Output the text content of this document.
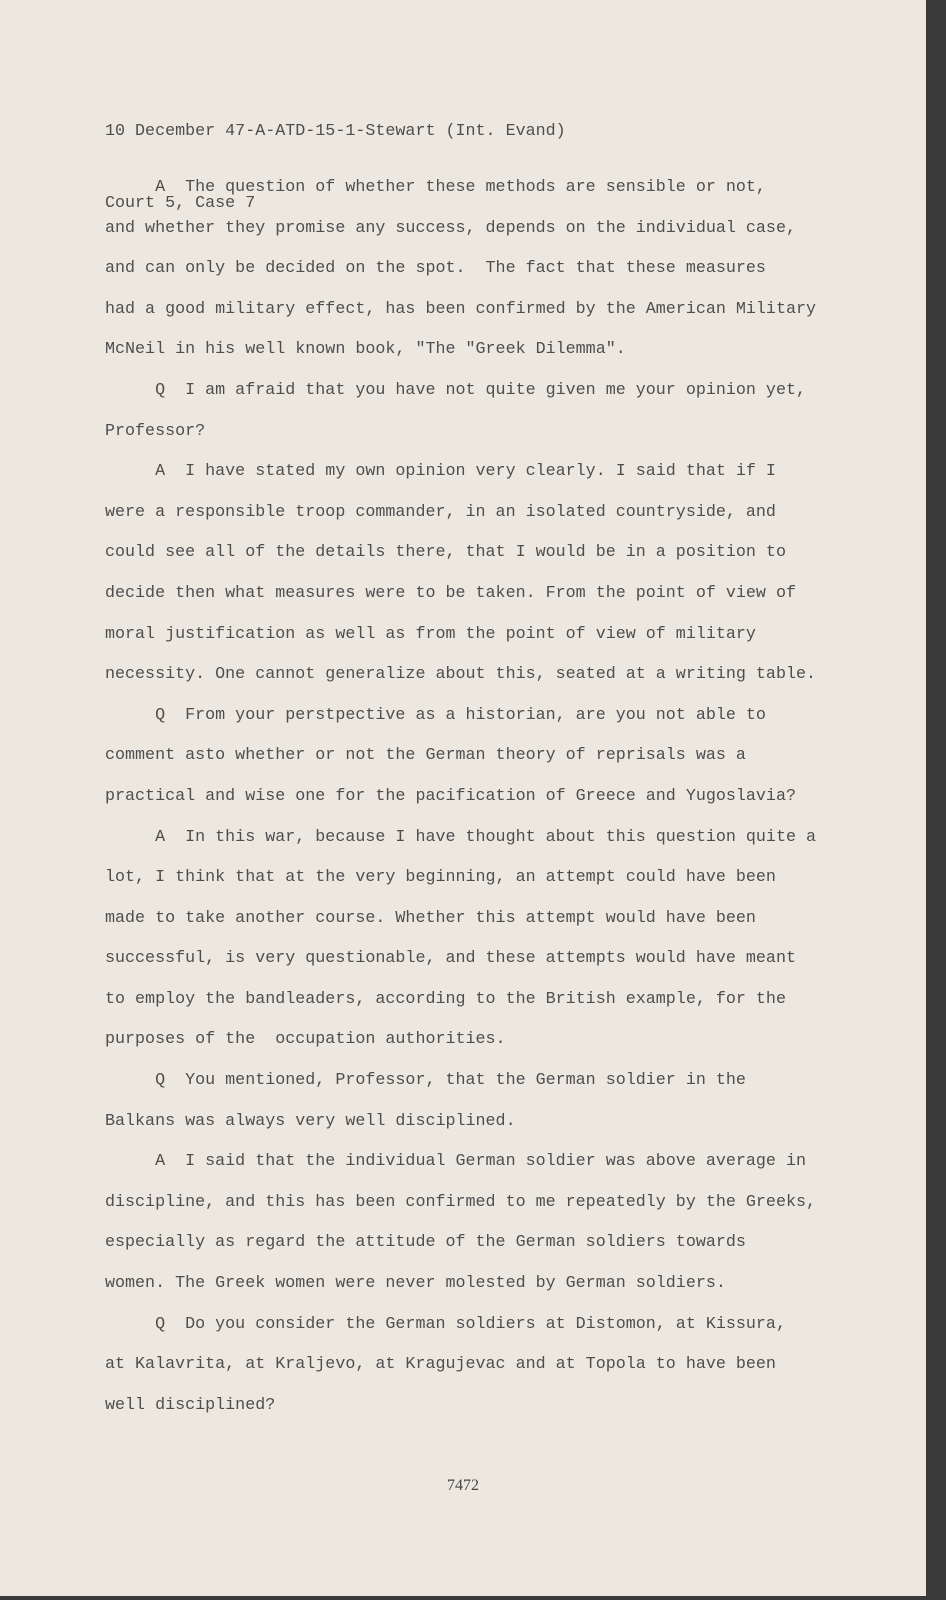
10 December 47-A-ATD-15-1-Stewart (Int. Evand)

Court 5, Case 7

A  The question of whether these methods are sensible or not,
and whether they promise any success, depends on the individual case,
and can only be decided on the spot.  The fact that these measures
had a good military effect, has been confirmed by the American Military
McNeil in his well known book, "The "Greek Dilemma".
Q  I am afraid that you have not quite given me your opinion yet,
Professor?
A  I have stated my own opinion very clearly. I said that if I
were a responsible troop commander, in an isolated countryside, and
could see all of the details there, that I would be in a position to
decide then what measures were to be taken. From the point of view of
moral justification as well as from the point of view of military
necessity. One cannot generalize about this, seated at a writing table.
Q  From your perstpective as a historian, are you not able to
comment asto whether or not the German theory of reprisals was a
practical and wise one for the pacification of Greece and Yugoslavia?
A  In this war, because I have thought about this question quite a
lot, I think that at the very beginning, an attempt could have been
made to take another course. Whether this attempt would have been
successful, is very questionable, and these attempts would have meant
to employ the bandleaders, according to the British example, for the
purposes of the  occupation authorities.
Q  You mentioned, Professor, that the German soldier in the
Balkans was always very well disciplined.
A  I said that the individual German soldier was above average in
discipline, and this has been confirmed to me repeatedly by the Greeks,
especially as regard the attitude of the German soldiers towards
women. The Greek women were never molested by German soldiers.
Q  Do you consider the German soldiers at Distomon, at Kissura,
at Kalavrita, at Kraljevo, at Kragujevac and at Topola to have been
well disciplined?
7472
